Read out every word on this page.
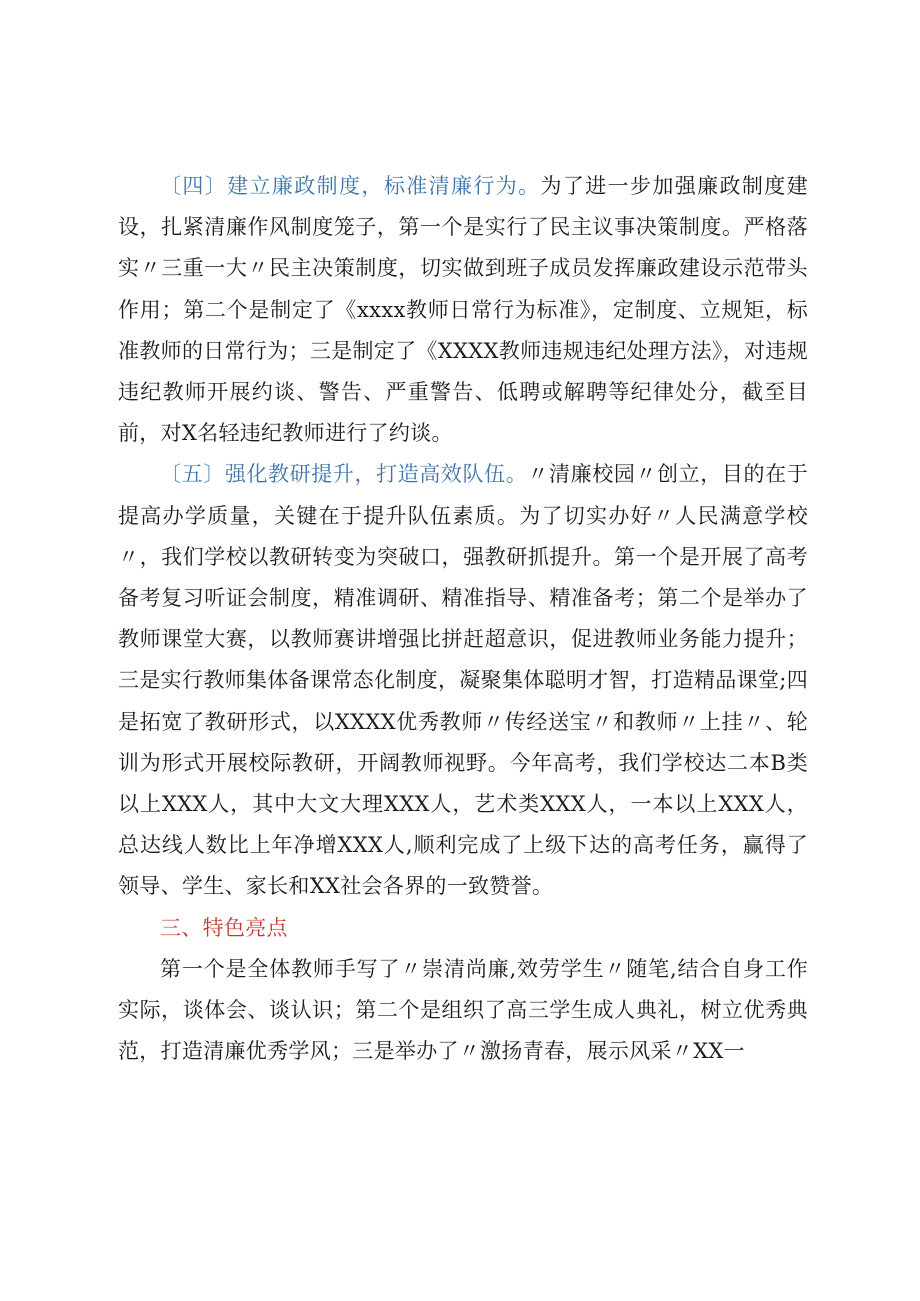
〔四〕建立廉政制度，标准清廉行为。为了进一步加强廉政制度建设，扎紧清廉作风制度笼子，第一个是实行了民主议事决策制度。严格落实〃三重一大〃民主决策制度，切实做到班子成员发挥廉政建设示范带头作用；第二个是制定了《xxxx教师日常行为标准》，定制度、立规矩，标准教师的日常行为；三是制定了《XXXX教师违规违纪处理方法》，对违规违纪教师开展约谈、警告、严重警告、低聘或解聘等纪律处分，截至目前，对X名轻违纪教师进行了约谈。

〔五〕强化教研提升，打造高效队伍。〃清廉校园〃创立，目的在于提高办学质量，关键在于提升队伍素质。为了切实办好〃人民满意学校〃，我们学校以教研转变为突破口，强教研抓提升。第一个是开展了高考备考复习听证会制度，精准调研、精准指导、精准备考；第二个是举办了教师课堂大赛，以教师赛讲增强比拼赶超意识，促进教师业务能力提升；三是实行教师集体备课常态化制度，凝聚集体聪明才智，打造精品课堂;四是拓宽了教研形式，以XXXX优秀教师〃传经送宝〃和教师〃上挂〃、轮训为形式开展校际教研，开阔教师视野。今年高考，我们学校达二本B类以上XXX人，其中大文大理XXX人，艺术类XXX人，一本以上XXX人，总达线人数比上年净增XXX人,顺利完成了上级下达的高考任务，赢得了领导、学生、家长和XX社会各界的一致赞誉。

三、特色亮点

第一个是全体教师手写了〃崇清尚廉,效劳学生〃随笔,结合自身工作实际，谈体会、谈认识；第二个是组织了高三学生成人典礼，树立优秀典范，打造清廉优秀学风；三是举办了〃激扬青春，展示风采〃XX一
